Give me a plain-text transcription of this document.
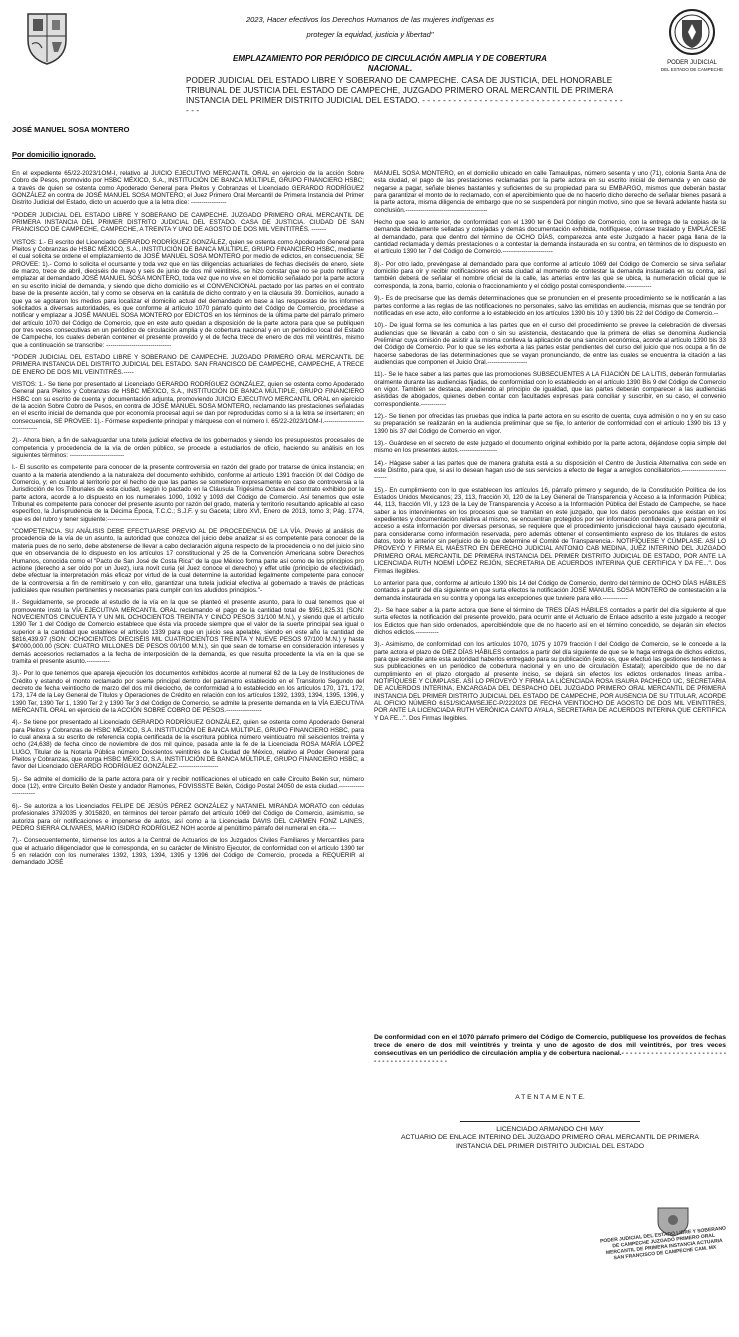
PODER JUDICIAL
DEL ESTADO DE CAMPECHE
2023, Hacer efectivos los Derechos Humanos de las mujeres indígenas es
proteger la equidad, justicia y libertad"
EMPLAZAMIENTO POR PERIÓDICO DE CIRCULACIÓN AMPLIA Y DE COBERTURA
NACIONAL.
PODER JUDICIAL DEL ESTADO LIBRE Y SOBERANO DE CAMPECHE. CASA DE JUSTICIA, DEL HONORABLE TRIBUNAL DE JUSTICIA DEL ESTADO DE CAMPECHE, JUZGADO PRIMERO ORAL MERCANTIL DE PRIMERA INSTANCIA DEL PRIMER DISTRITO JUDICIAL DEL ESTADO. - - - - - - - - - - - - - - - - - - - - - - - - - - - - - - - - - - - - - - - - - -
JOSÉ MANUEL SOSA MONTERO
Por domicilio ignorado.

En el expediente 65/22-2023/1OM-I, relativo al JUICIO EJECUTIVO MERCANTIL ORAL en ejercicio de la acción Sobre Cobro de Pesos, promovido por HSBC MÉXICO, S.A., INSTITUCIÓN DE BANCA MÚLTIPLE, GRUPO FINANCIERO HSBC; a través de quien se ostenta como Apoderado General para Pleitos y Cobranzas el Licenciado GERARDO RODRÍGUEZ GONZÁLEZ en contra de JOSÉ MANUEL SOSA MONTERO; el Juez Primero Oral Mercantil de Primera Instancia del Primer Distrito Judicial del Estado, dicto un acuerdo que a la letra dice: -----------------

"PODER JUDICIAL DEL ESTADO LIBRE Y SOBERANO DE CAMPECHE. JUZGADO PRIMERO ORAL MERCANTIL DE PRIMERA INSTANCIA DEL PRIMER DISTRITO JUDICIAL DEL ESTADO. CASA DE JUSTICIA. CIUDAD DE SAN FRANCISCO DE CAMPECHE, CAMPECHE, A TREINTA Y UNO DE AGOSTO DE DOS MIL VEINTITRÉS. -------

VISTOS: 1.- El escrito del Licenciado GERARDO RODRÍGUEZ GONZÁLEZ, quien se ostenta como Apoderado General para Pleitos y Cobranzas de HSBC MÉXICO, S.A., INSTITUCIÓN DE BANCA MÚLTIPLE, GRUPO FINANCIERO HSBC, mediante el cual solicita se ordene el emplazamiento de JOSÉ MANUEL SOSA MONTERO por medio de edictos, en consecuencia; SE PROVEE: 1).- Como lo solicita el ocursante y toda vez que en las diligencias actuariales de fechas dieciséis de enero, siete de marzo, trece de abril, dieciséis de mayo y seis de junio de dos mil veintitrés, se hizo constar que no se pudo notificar y emplazar al demandado JOSÉ MANUEL SOSA MONTERO, toda vez que no vive en el domicilio señalado por la parte actora en su escrito inicial de demanda, y siendo que dicho domicilio es el CONVENCIONAL pactado por las partes en el contrato base de la presente acción, tal y como se observa en la carátula de dicho contrato y en la cláusula 39. Domicilios, aunado a que ya se agotaron los medios para localizar el domicilio actual del demandado en base a las respuestas de los informes solicitados a diversas autoridades, es que conforme al artículo 1070 párrafo quinto del Código de Comercio, procédase a notificar y emplazar a JOSÉ MANUEL SOSA MONTERO por EDICTOS en los términos de la última parte del párrafo primero del artículo 1070 del Código de Comercio, que en este auto quedan a disposición de la parte actora para que se publiquen por tres veces consecutivas en un periódico de circulación amplia y de cobertura nacional y en un periódico local del Estado de Campeche, los cuales deberán contener el presente proveído y el de fecha trece de enero de dos mil veintitrés, mismo que a continuación se transcribe: -------------------------------

"PODER JUDICIAL DEL ESTADO LIBRE Y SOBERANO DE CAMPECHE. JUZGADO PRIMERO ORAL MERCANTIL DE PRIMERA INSTANCIA DEL DISTRITO JUDICIAL DEL ESTADO. SAN FRANCISCO DE CAMPECHE, CAMPECHE, A TRECE DE ENERO DE DOS MIL VEINTITRÉS.-----

VISTOS: 1.- Se tiene por presentado al Licenciado GERARDO RODRÍGUEZ GONZÁLEZ, quien se ostenta como Apoderado General para Pleitos y Cobranzas de HSBC MÉXICO, S.A., INSTITUCIÓN DE BANCA MÚLTIPLE, GRUPO FINANCIERO HSBC con su escrito de cuenta y documentación adjunta, promoviendo JUICIO EJECUTIVO MERCANTIL ORAL en ejercicio de la acción Sobre Cobro de Pesos, en contra de JOSÉ MANUEL SOSA MONTERO, reclamando las prestaciones señaladas en el escrito inicial de demanda que por economía procesal aquí se dan por reproducidas como si a la letra se insertaren; en consecuencia, SE PROVEE: 1).- Fórmese expediente principal y márquese con el número I. 65/22-2023/1OM-I.-------------------------------

2).- Ahora bien, a fin de salvaguardar una tutela judicial efectiva de los gobernados y siendo los presupuestos procesales de competencia y procedencia de la vía de orden público, se procede a estudiarlos de oficio, haciendo su análisis en los siguientes términos: --------------------------

I.- El suscrito es competente para conocer de la presente controversia en razón del grado por tratarse de única instancia; en cuanto a la materia atendiendo a la naturaleza del documento exhibido, conforme al artículo 1391 fracción IX del Código de Comercio, y; en cuanto al territorio por el hecho de que las partes se sometieron expresamente en caso de controversia a la Jurisdicción de los Tribunales de esta ciudad, según lo pactado en la Cláusula Trigésima Octava del contrato exhibido por la parte actora, acorde a lo dispuesto en los numerales 1090, 1092 y 1093 del Código de Comercio. Así tenemos que este Tribunal es competente para conocer del presente asunto por razón del grado, materia y territorio resultando aplicable al caso específico, la Jurisprudencia de la Décima Época, T.C.C.; S.J.F. y su Gaceta; Libro XVI, Enero de 2013, tomo 3; Pág. 1774, que es del rubro y tener siguiente:--------------------

"COMPETENCIA. SU ANÁLISIS DEBE EFECTUARSE PREVIO AL DE PROCEDENCIA DE LA VÍA. Previo al análisis de procedencia de la vía de un asunto, la autoridad que conozca del juicio debe analizar si es competente para conocer de la materia pues de no serlo, debe abstenerse de llevar a cabo declaración alguna respecto de la procedencia o no del juicio sino que en observancia de lo dispuesto en los artículos 17 constitucional y 25 de la Convención Americana sobre Derechos Humanos, conocida como el "Pacto de San José de Costa Rica" de la que México forma parte así como de los principios pro actione (derecho a ser oído por un Juez), iura novit curia (el Juez conoce el derecho) y effet utile (principio de efectividad), debe efectuar la interpretación más eficaz por virtud de la cual determine la autoridad legalmente competente para conocer de la controversia a fin de remitírselo y con ello, garantizar una tutela judicial efectiva al gobernado a través de prácticas judiciales que resulten pertinentes y necesarias para cumplir con los aludidos principios."-

II.- Seguidamente, se procede al estudio de la vía en la que se planteó el presente asunto, para lo cual tenemos que el promovente instó la VÍA EJECUTIVA MERCANTIL ORAL reclamando el pago de la cantidad total de $951,825.31 (SON: NOVECIENTOS CINCUENTA Y UN MIL OCHOCIENTOS TREINTA Y CINCO PESOS 31/100 M.N.), y siendo que el artículo 1390 Ter 1 del Código de Comercio establece que ésta vía procede siempre que el valor de la suerte principal sea igual o superior a la cantidad que establece el artículo 1339 para que un juicio sea apelable, siendo en este año la cantidad de $816,439.97 (SON: OCHOCIENTOS DIECISÉIS MIL CUATROCIENTOS TREINTA Y NUEVE PESOS 97/100 M.N.) y hasta $4'000,000.00 (SON: CUATRO MILLONES DE PESOS 00/100 M.N.), sin que sean de tomarse en consideración intereses y demás accesorios reclamados a la fecha de interposición de la demanda, es que resulta procedente la vía en la que se tramita el presente asunto.-----------

3).- Por lo que tenemos que apareja ejecución los documentos exhibidos acorde al numeral 62 de la Ley de Instituciones de Crédito y estando el monto reclamado por suerte principal dentro del parámetro establecido en el Transitorio Segundo del decreto de fecha veintiocho de marzo del dos mil dieciocho, de conformidad a lo establecido en los artículos 170, 171, 172, 173, 174 de la Ley General de Títulos y Operaciones de Crédito en relación con los artículos 1392, 1393, 1394, 1395, 1396, y 1390 Ter, 1390 Ter 1, 1390 Ter 2 y 1390 Ter 3 del Código de Comercio, se admite la presente demanda en la VÍA EJECUTIVA MERCANTIL ORAL en ejercicio de la ACCIÓN SOBRE COBRO DE PESOS.-----------------

4).- Se tiene por presentado al Licenciado GERARDO RODRÍGUEZ GONZÁLEZ, quien se ostenta como Apoderado General para Pleitos y Cobranzas de HSBC MÉXICO, S.A. INSTITUCIÓN DE BANCA MÚLTIPLE, GRUPO FINANCIERO HSBC, para lo cual anexa a su escrito de referencia copia certificada de la escritura pública número veinticuatro mil seiscientos treinta y ocho (24,638) de fecha cinco de noviembre de dos mil quince, pasada ante la fe de la Licenciada ROSA MARÍA LÓPEZ LUGO, Titular de la Notaría Pública número Doscientos veintitrés de la Ciudad de México, relativo al Poder General para Pleitos y Cobranzas, que otorga HSBC MÉXICO, S.A. INSTITUCIÓN DE BANCA MÚLTIPLE, GRUPO FINANCIERO HSBC, a favor del Licenciado GERARDO RODRÍGUEZ GONZÁLEZ.-------------------

5).- Se admite el domicilio de la parte actora para oír y recibir notificaciones el ubicado en calle Circuito Belén sur, número doce (12), entre Circuito Belén Oeste y andador Ramones, FOVISSSTE Belén, Código Postal 24050 de esta ciudad.-----------------------

6).- Se autoriza a los Licenciados FELIPE DE JESÚS PÉREZ GONZÁLEZ y NATANIEL MIRANDA MORATO con cédulas profesionales 3792035 y 3015820, en términos del tercer párrafo del artículo 1069 del Código de Comercio, asimismo, se autoriza para oír notificaciones e imponerse de autos, así como a la Licenciada DAVIS DEL CARMEN FONZ LAINES, PEDRO SIERRA OLIVARES, MARIO ISIDRO RODRÍGUEZ NOH acorde al penúltimo párrafo del numeral en cita.---

7).- Consecuentemente, túrnense los autos a la Central de Actuarios de los Juzgados Civiles Familiares y Mercantiles para que el actuario diligenciador que le corresponda, en su carácter de Ministro Ejecutor, de conformidad con el artículo 1390 ter 5 en relación con los numerales 1392, 1393, 1394, 1395 y 1396 del Código de Comercio, proceda a REQUERIR al demandado JOSÉ

MANUEL SOSA MONTERO, en el domicilio ubicado en calle Tamaulipas, número sesenta y uno (71), colonia Santa Ana de esta ciudad, el pago de las prestaciones reclamadas por la parte actora en su escrito inicial de demanda y en caso de negarse a pagar, señale bienes bastantes y suficientes de su propiedad para su EMBARGO, mismos que deberán bastar para garantizar el monto de lo reclamado, con el apercibimiento que de no hacerlo dicho derecho de señalar bienes pasará a la parte actora, misma diligencia de embargo que no se suspenderá por ningún motivo, sino que se llevará adelante hasta su conclusión.---------------------------------------

Hecho que sea lo anterior, de conformidad con el 1390 ter 6 Del Código de Comercio, con la entrega de la copias de la demanda debidamente selladas y cotejadas y demás documentación exhibida, notifíquese, córrase traslado y EMPLÁCESE al demandado, para que dentro del término de OCHO DÍAS, comparezca ante este Juzgado a hacer paga llana de la cantidad reclamada y demás prestaciones o a contestar la demanda instaurada en su contra, en términos de lo dispuesto en el artículo 1390 ter 7 del Código de Comercio.------------------------

8).- Por otro lado, prevéngase al demandado para que conforme al artículo 1069 del Código de Comercio se sirva señalar domicilio para oír y recibir notificaciones en esta ciudad al momento de contestar la demanda instaurada en su contra, así también deberá de señalar el nombre oficial de la calle, las arterias entre las que se ubica, la numeración oficial que le corresponda, la zona, barrio, colonia o fraccionamiento y el código postal correspondiente.------------

9).- Es de precisarse que las demás determinaciones que se pronuncien en el presente procedimiento se le notificarán a las partes conforme a las reglas de las notificaciones no personales, salvo las emitidas en audiencia, mismas que se tendrán por notificadas en ese acto, ello conforme a lo establecido en los artículos 1390 bis 10 y 1390 bis 22 del Código de Comercio.--

10).- De igual forma se les comunica a las partes que en el curso del procedimiento se prevee la celebración de diversas audiencias que se llevarán a cabo con o sin su asistencia, destacando que la primera de ellas se denomina Audiencia Preliminar cuya omisión de asistir a la misma conlleva la aplicación de una sanción económica, acorde al artículo 1390 bis 33 del Código de Comercio. Por lo que se les exhorta a las partes estar pendientes del curso del juicio que nos ocupa a fin de hacerse sabedoras de las determinaciones que se vayan pronunciando, de entre las cuales se encuentra la citación a las audiencias que componen el Juicio Oral.-------------------

11).- Se le hace saber a las partes que las promociones SUBSECUENTES A LA FIJACIÓN DE LA LITIS, deberán formularlas oralmente durante las audiencias fijadas, de conformidad con lo establecido en el artículo 1390 Bis 9 del Código de Comercio en vigor. También se destaca, atendiendo al principio de igualdad, que las partes deberán comparecer a las audiencias asistidas de abogados, quienes deben contar con facultades expresas para conciliar y suscribir, en su caso, el convenio correspondiente.------------

12).- Se tienen por ofrecidas las pruebas que indica la parte actora en su escrito de cuenta, cuya admisión o no y en su caso su preparación se realizarán en la audiencia preliminar que se fije, lo anterior de conformidad con el artículo 1390 bis 13 y 1390 bis 37 del Código de Comercio en vigor.

13).- Guárdese en el secreto de este juzgado el documento original exhibido por la parte actora, déjándose copia simple del mismo en los presentes autos.------------------

14).- Hágase saber a las partes que de manera gratuita está a su disposición el Centro de Justicia Alternativa con sede en este Distrito, para que, si así lo desean hagan uso de sus servicios a efecto de llegar a arreglos conciliatorios.---------------------------

15).- En cumplimiento con lo que establecen los artículos 16, párrafo primero y segundo, de la Constitución Política de los Estados Unidos Mexicanos; 23, 113, fracción XI, 120 de la Ley General de Transparencia y Acceso a la Información Pública; 44, 113, fracción VII, y 123 de la Ley de Transparencia y Acceso a la Información Pública del Estado de Campeche, se hace saber a los intervinientes en los procesos que se tramitan en este juzgado, que los datos personales que existan en los expedientes y documentación relativa al mismo, se encuentran protegidos por ser información confidencial, y para permitir el acceso a esta información por diversas personas, se requiere que el procedimiento jurisdiccional haya causado ejecutoria, para considerarse como información reservada, pero además obtener el consentimiento expreso de los titulares de estos datos, todo lo anterior sin perjuicio de lo que determine el Comité de Transparencia.- NOTIFÍQUESE Y CÚMPLASE. ASÍ LO PROVEYÓ Y FIRMA EL MAESTRO EN DERECHO JUDICIAL ANTONIO CAB MEDINA, JUEZ INTERINO DEL JUZGADO PRIMERO ORAL MERCANTIL DE PRIMERA INSTANCIA DEL PRIMER DISTRITO JUDICIAL DE ESTADO, POR ANTE LA LICENCIADA RUTH NOEMÍ LÓPEZ REJÓN, SECRETARIA DE ACUERDOS INTERINA QUE CERTIFICA Y DA FE...". Dos Firmas Ilegibles.

Lo anterior para que, conforme al artículo 1390 bis 14 del Código de Comercio, dentro del término de OCHO DÍAS HÁBILES contados a partir del día siguiente en que surta efectos la notificación JOSÉ MANUEL SOSA MONTERO de contestación a la demanda instaurada en su contra y oponga las excepciones que tuviere para ello.------------

2).- Se hace saber a la parte actora que tiene el término de TRES DÍAS HÁBILES contados a partir del día siguiente al que surta efectos la notificación del presente proveído, para ocurrir ante el Actuario de Enlace adscrito a este juzgado a recoger los Edictos que han sido ordenados, apercibiéndole que de no hacerlo así en el término concedido, se dejarán sin efectos dichos edictos.-----------

3).- Asimismo, de conformidad con los artículos 1070, 1075 y 1079 fracción I del Código de Comercio, se le concede a la parte actora el plazo de DIEZ DÍAS HÁBILES contados a partir del día siguiente de que se le haga entrega de dichos edictos, para que acredite ante esta autoridad haberlos entregado para su publicación (esto es, que efectuó las gestiones tendientes a sus publicaciones en un periódico de cobertura nacional y en uno de circulación Estatal); apercibido que de no dar cumplimiento en el plazo otorgado al presente inciso, se dejará sin efectos los edictos ordenados líneas arriba.- NOTIFÍQUESE Y CÚMPLASE. ASÍ LO PROVEYÓ Y FIRMA LA LICENCIADA ROSA ISAURA PACHECO UC, SECRETARIA DE ACUERDOS INTERINA, ENCARGADA DEL DESPACHO DEL JUZGADO PRIMERO ORAL MERCANTIL DE PRIMERA INSTANCIA DEL PRIMER DISTRITO JUDICIAL DEL ESTADO DE CAMPECHE, POR AUSENCIA DE SU TITULAR, ACORDE AL OFICIO NÚMERO 6151/SICAM/SEJEC-P/222023 DE FECHA VEINTIOCHO DE AGOSTO DE DOS MIL VEINTITRÉS, POR ANTE LA LICENCIADA RUTH VERÓNICA CANTO AYALA, SECRETARIA DE ACUERDOS INTERINA QUE CERTIFICA Y DA FE...". Dos Firmas Ilegibles.

De conformidad con en el 1070 párrafo primero del Código de Comercio, publíquese los proveídos de fechas trece de enero de dos mil veintitrés y treinta y uno de agosto de dos mil veintitrés, por tres veces consecutivas en un periódico de circulación amplia y de cobertura nacional.- - - - - - - - - - - - - - - - - - - - - - - - - - - - - - - - - - - - - - - - - - -
A T E N T A M E N T E.
LICENCIADO ARMANDO CHI MAY
ACTUARIO DE ENLACE INTERINO DEL JUZGADO PRIMERO ORAL MERCANTIL DE PRIMERA
INSTANCIA DEL PRIMER DISTRITO JUDICIAL DEL ESTADO
PODER JUDICIAL DEL ESTADO LIBRE Y SOBERANO DE CAMPECHE JUZGADO PRIMERO ORAL MERCANTIL DE PRIMERA INSTANCIA ACTUARIA SAN FRANCISCO DE CAMPECHE CAM. MX
